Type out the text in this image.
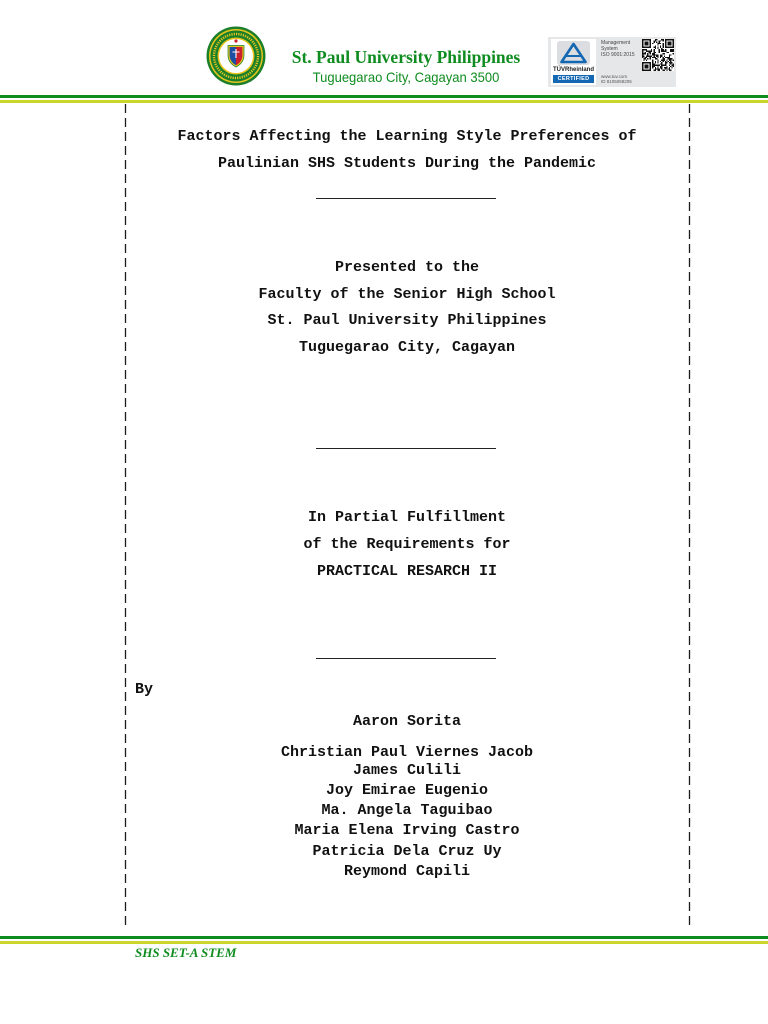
St. Paul University Philippines
Tuguegarao City, Cagayan 3500	TÜVRheinland
CERTIFIED
Management
System
ISO 9001:2015
www.tuv.com
ID 9105069205
Factors Affecting the Learning Style Preferences of
Paulinian SHS Students During the Pandemic
Presented to the
Faculty of the Senior High School
St. Paul University Philippines
Tuguegarao City, Cagayan
In Partial Fulfillment
of the Requirements for
PRACTICAL RESARCH II
By
Aaron Sorita
Christian Paul Viernes Jacob
James Culili
Joy Emirae Eugenio
Ma. Angela Taguibao
Maria Elena Irving Castro
Patricia Dela Cruz Uy
Reymond Capili
SHS SET-A STEM
